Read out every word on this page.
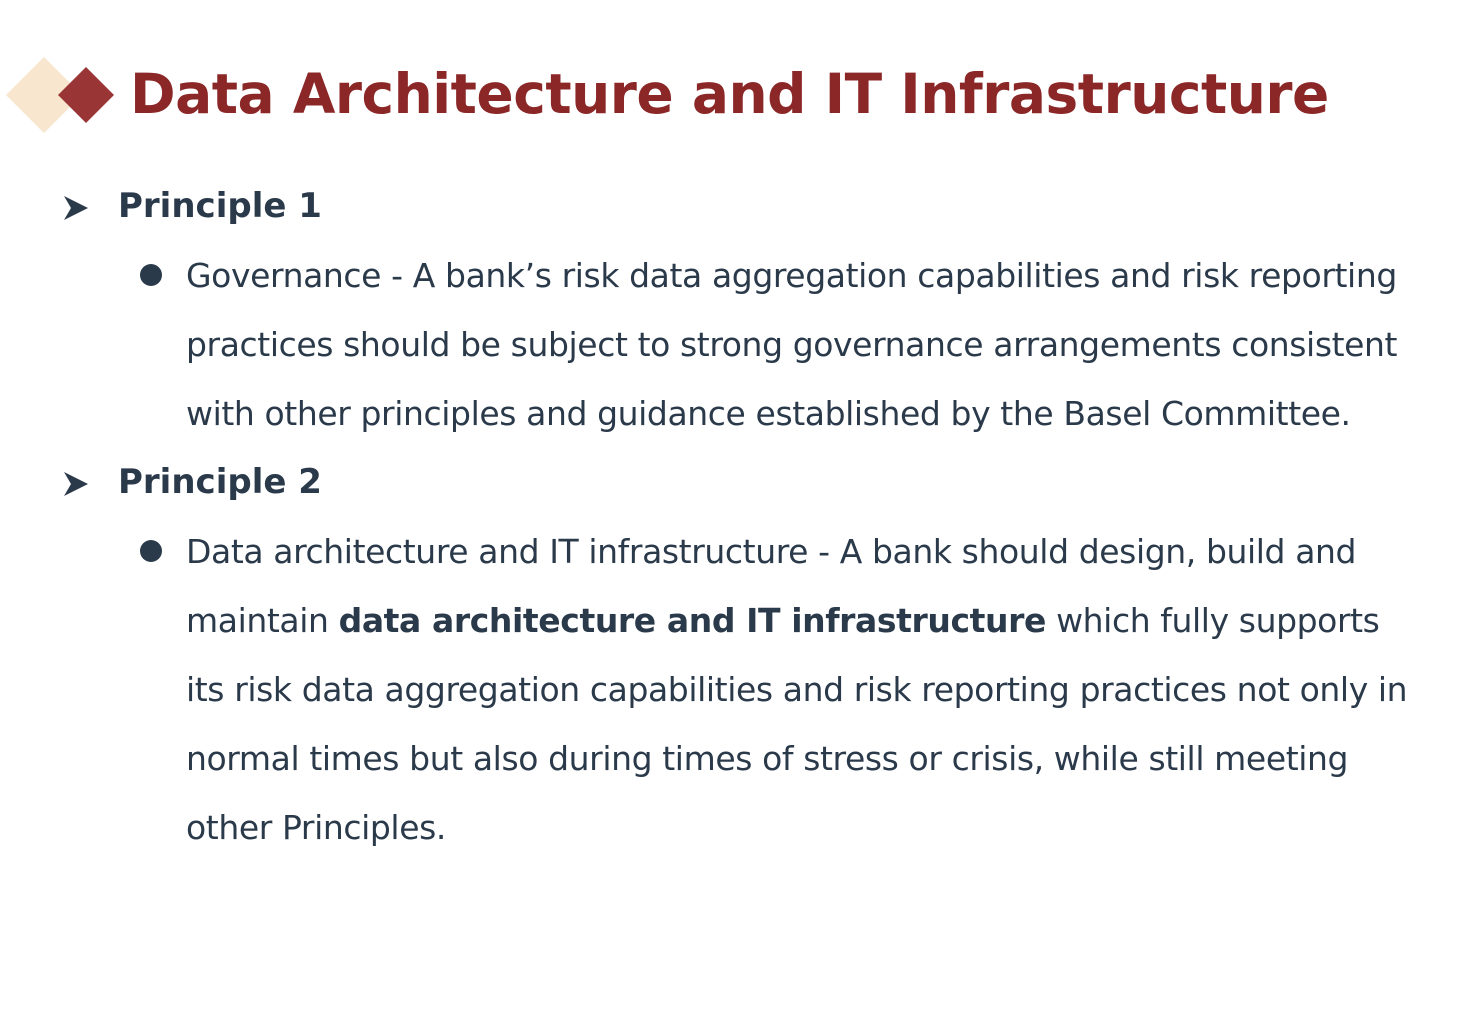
Data Architecture and IT Infrastructure
Principle 1

Governance - A bank’s risk data aggregation capabilities and risk reporting practices should be subject to strong governance arrangements consistent with other principles and guidance established by the Basel Committee.

Principle 2

Data architecture and IT infrastructure - A bank should design, build and maintain data architecture and IT infrastructure which fully supports its risk data aggregation capabilities and risk reporting practices not only in normal times but also during times of stress or crisis, while still meeting other Principles.
